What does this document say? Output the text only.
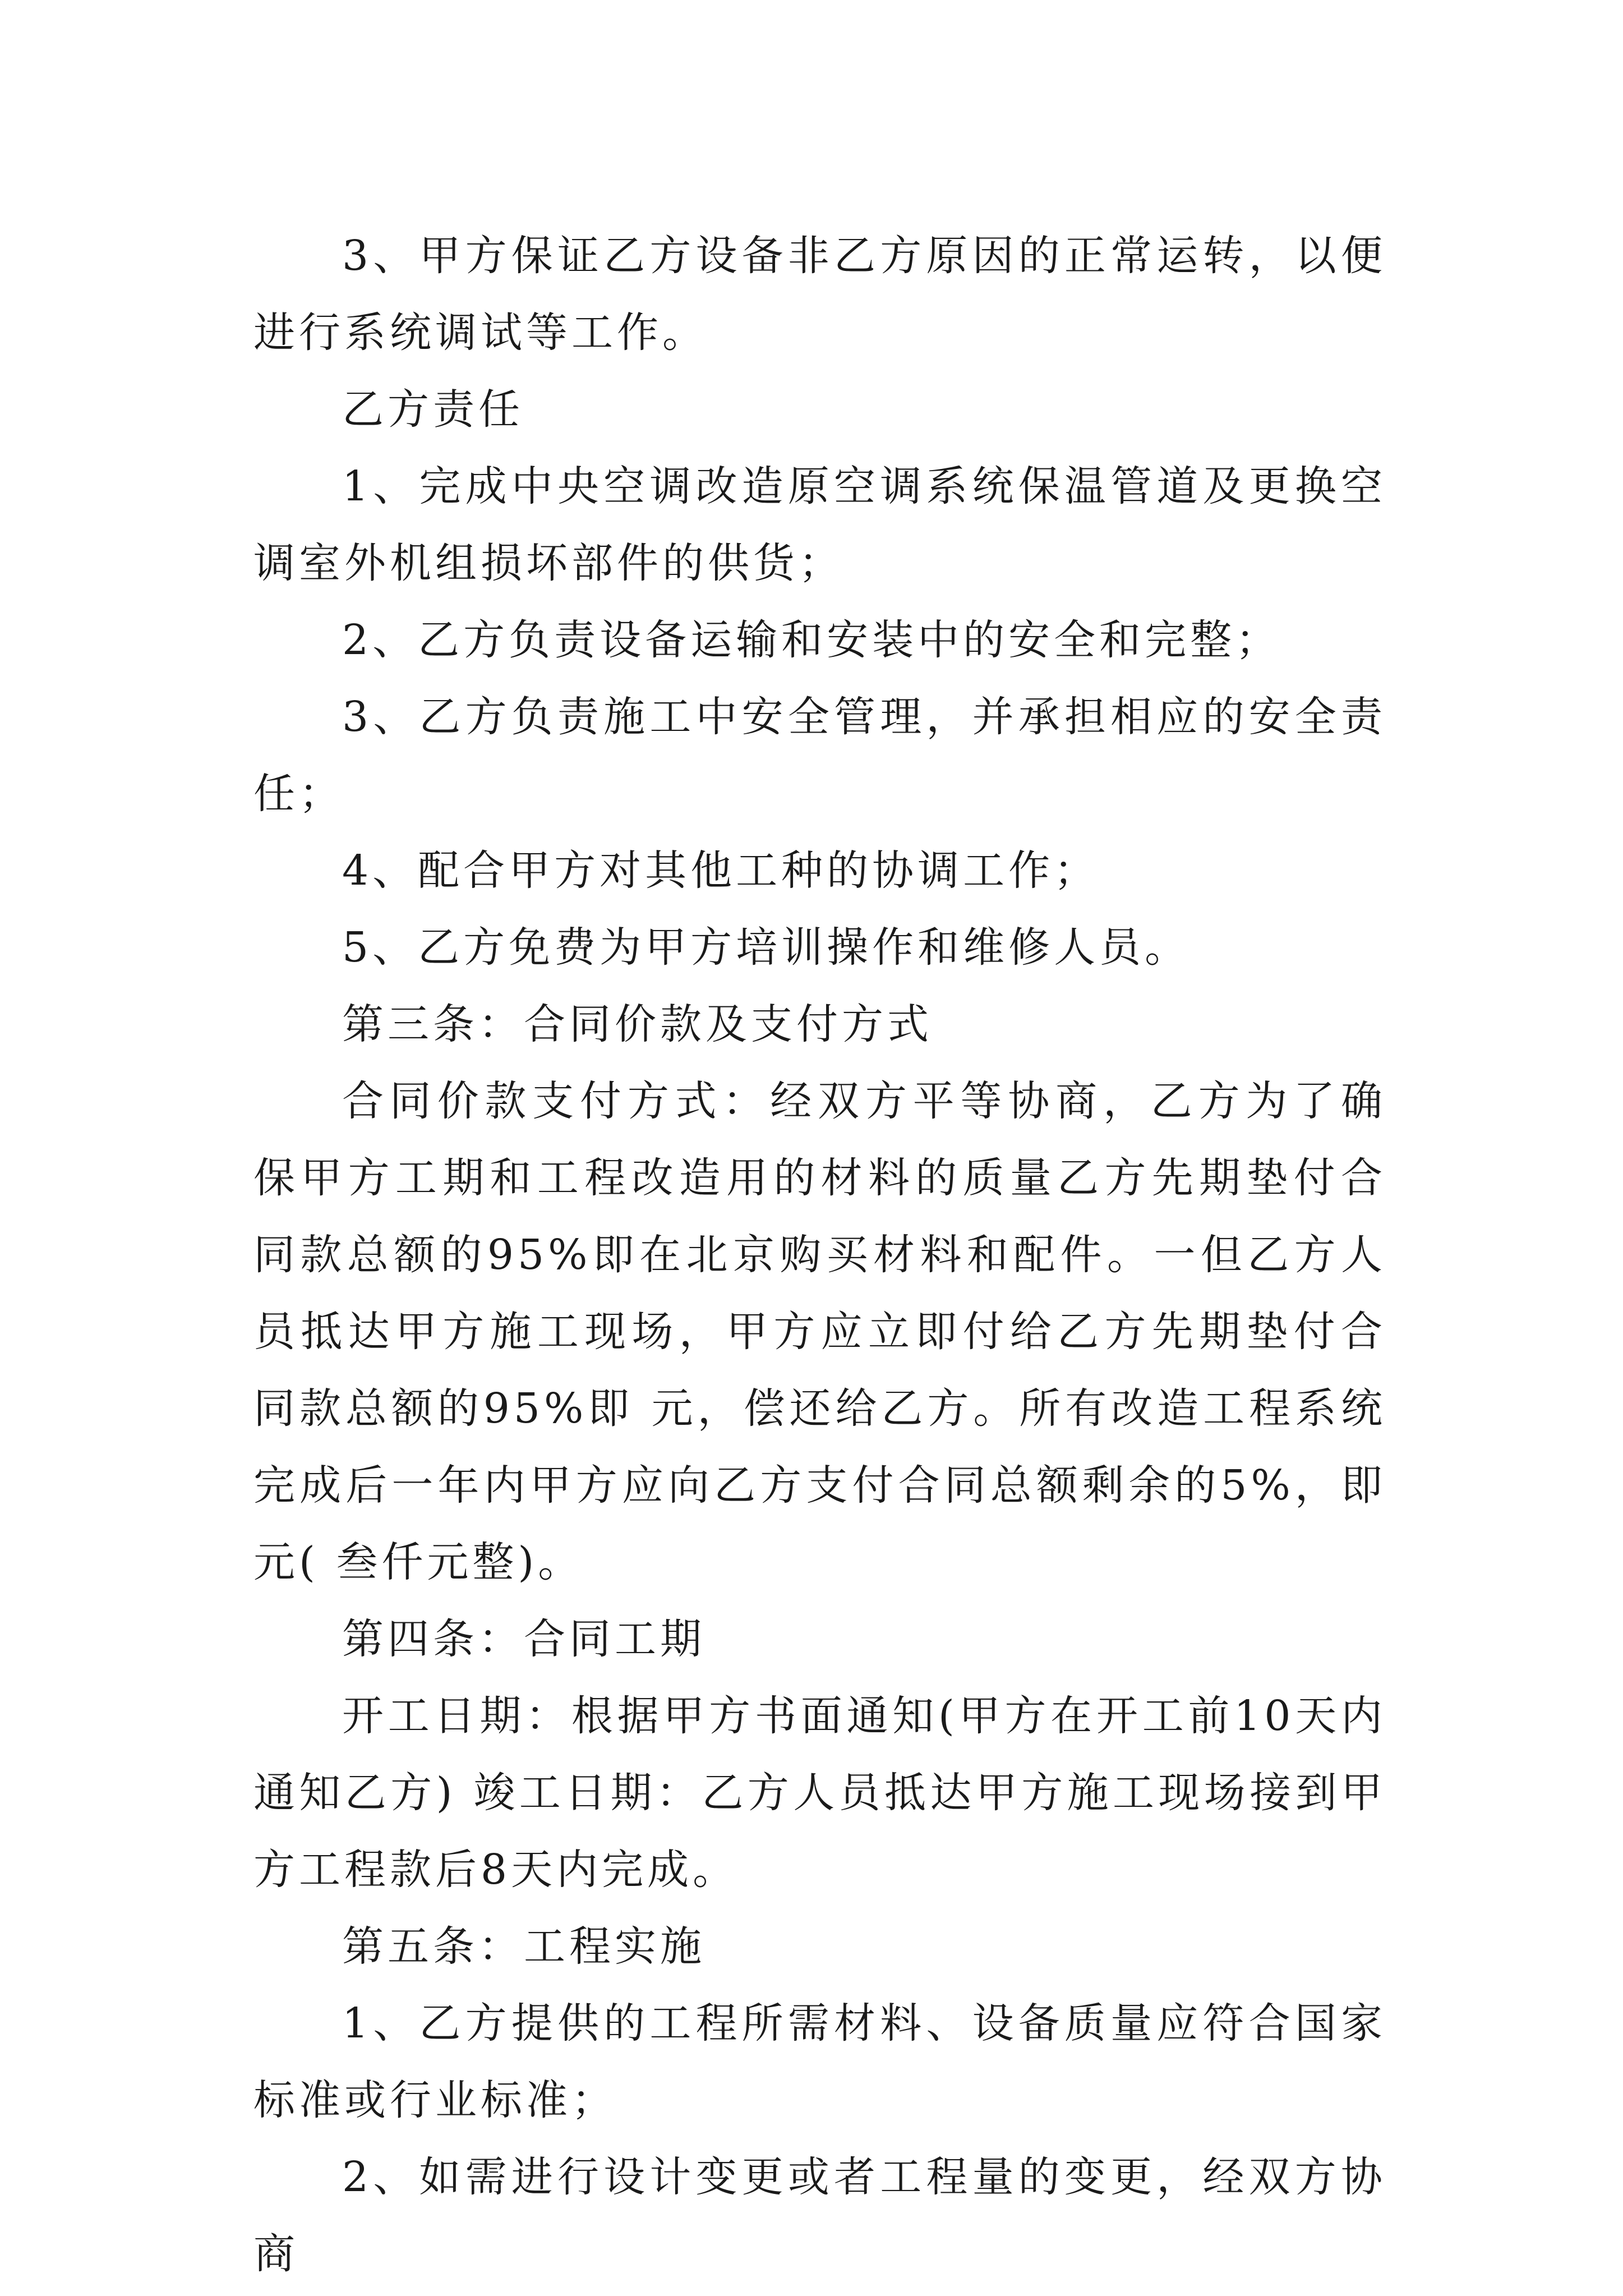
3、甲方保证乙方设备非乙方原因的正常运转，以便进行系统调试等工作。

乙方责任

1、完成中央空调改造原空调系统保温管道及更换空调室外机组损坏部件的供货；

2、乙方负责设备运输和安装中的安全和完整；

3、乙方负责施工中安全管理，并承担相应的安全责任；

4、配合甲方对其他工种的协调工作；

5、乙方免费为甲方培训操作和维修人员。

第三条：合同价款及支付方式

合同价款支付方式：经双方平等协商，乙方为了确保甲方工期和工程改造用的材料的质量乙方先期垫付合同款总额的95%即在北京购买材料和配件。一但乙方人员抵达甲方施工现场，甲方应立即付给乙方先期垫付合同款总额的95%即 元，偿还给乙方。所有改造工程系统完成后一年内甲方应向乙方支付合同总额剩余的5%，即 元( 叁仟元整)。

第四条：合同工期

开工日期：根据甲方书面通知(甲方在开工前10天内通知乙方) 竣工日期：乙方人员抵达甲方施工现场接到甲方工程款后8天内完成。

第五条：工程实施

1、乙方提供的工程所需材料、设备质量应符合国家标准或行业标准；

2、如需进行设计变更或者工程量的变更，经双方协商
